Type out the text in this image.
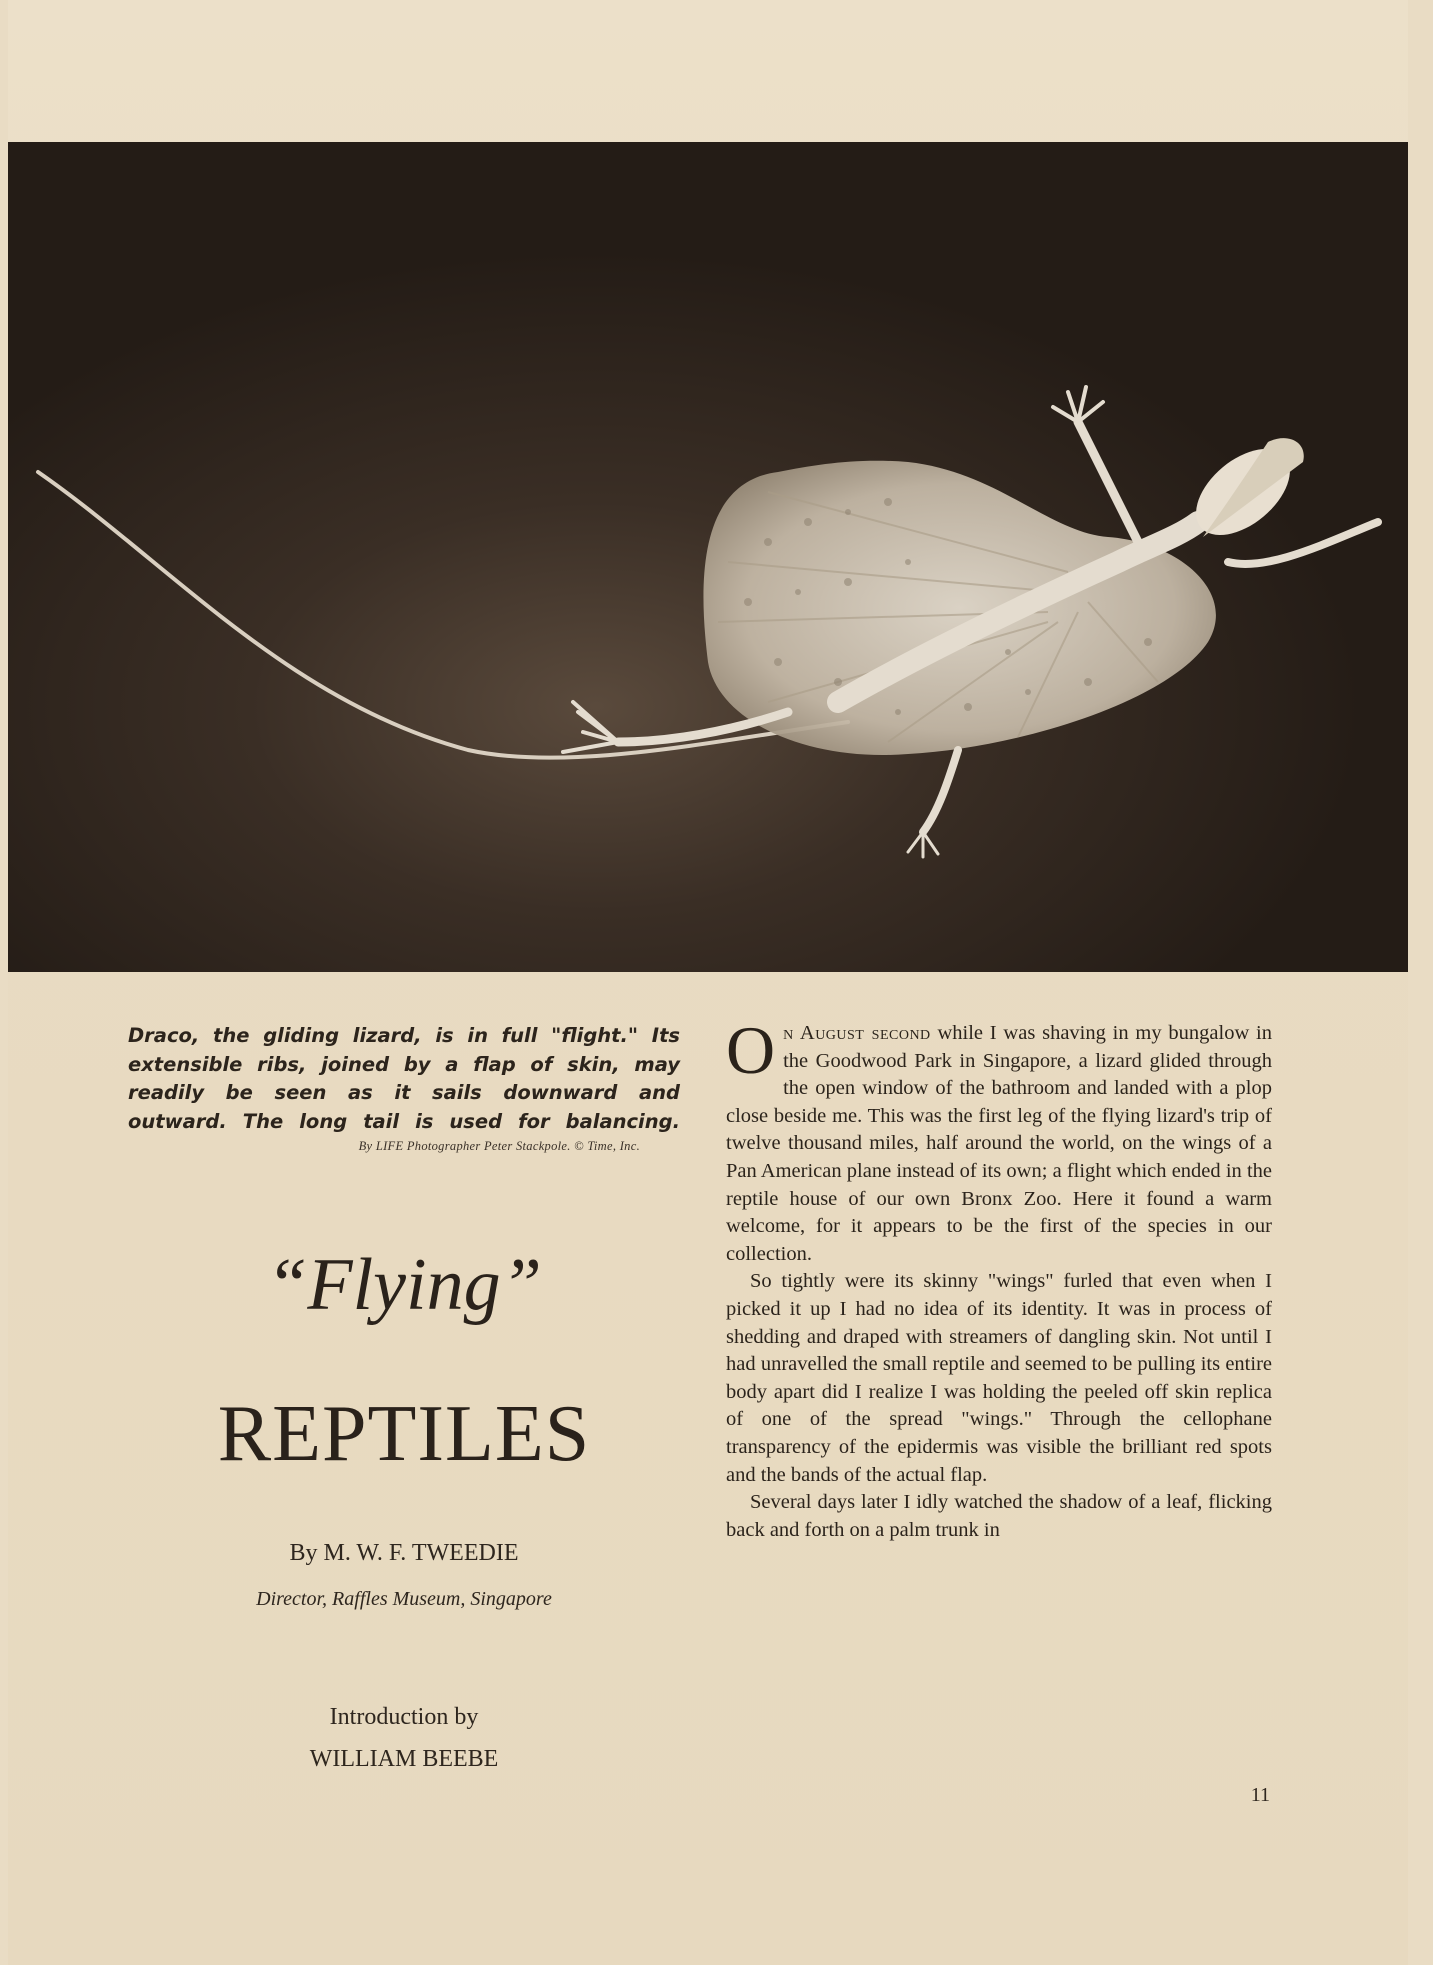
Draco, the gliding lizard, is in full "flight." Its extensible ribs, joined by a flap of skin, may readily be seen as it sails downward and outward. The long tail is used for balancing.

By LIFE Photographer Peter Stackpole. © Time, Inc.
“Flying”
REPTILES
By M. W. F. TWEEDIE
Director, Raffles Museum, Singapore
Introduction by
WILLIAM BEEBE

On August second while I was shaving in my bungalow in the Goodwood Park in Singapore, a lizard glided through the open window of the bathroom and landed with a plop close beside me. This was the first leg of the flying lizard's trip of twelve thousand miles, half around the world, on the wings of a Pan American plane instead of its own; a flight which ended in the reptile house of our own Bronx Zoo. Here it found a warm welcome, for it appears to be the first of the species in our collection.

So tightly were its skinny "wings" furled that even when I picked it up I had no idea of its identity. It was in process of shedding and draped with streamers of dangling skin. Not until I had unravelled the small reptile and seemed to be pulling its entire body apart did I realize I was holding the peeled off skin replica of one of the spread "wings." Through the cellophane transparency of the epidermis was visible the brilliant red spots and the bands of the actual flap.

Several days later I idly watched the shadow of a leaf, flicking back and forth on a palm trunk in

11
